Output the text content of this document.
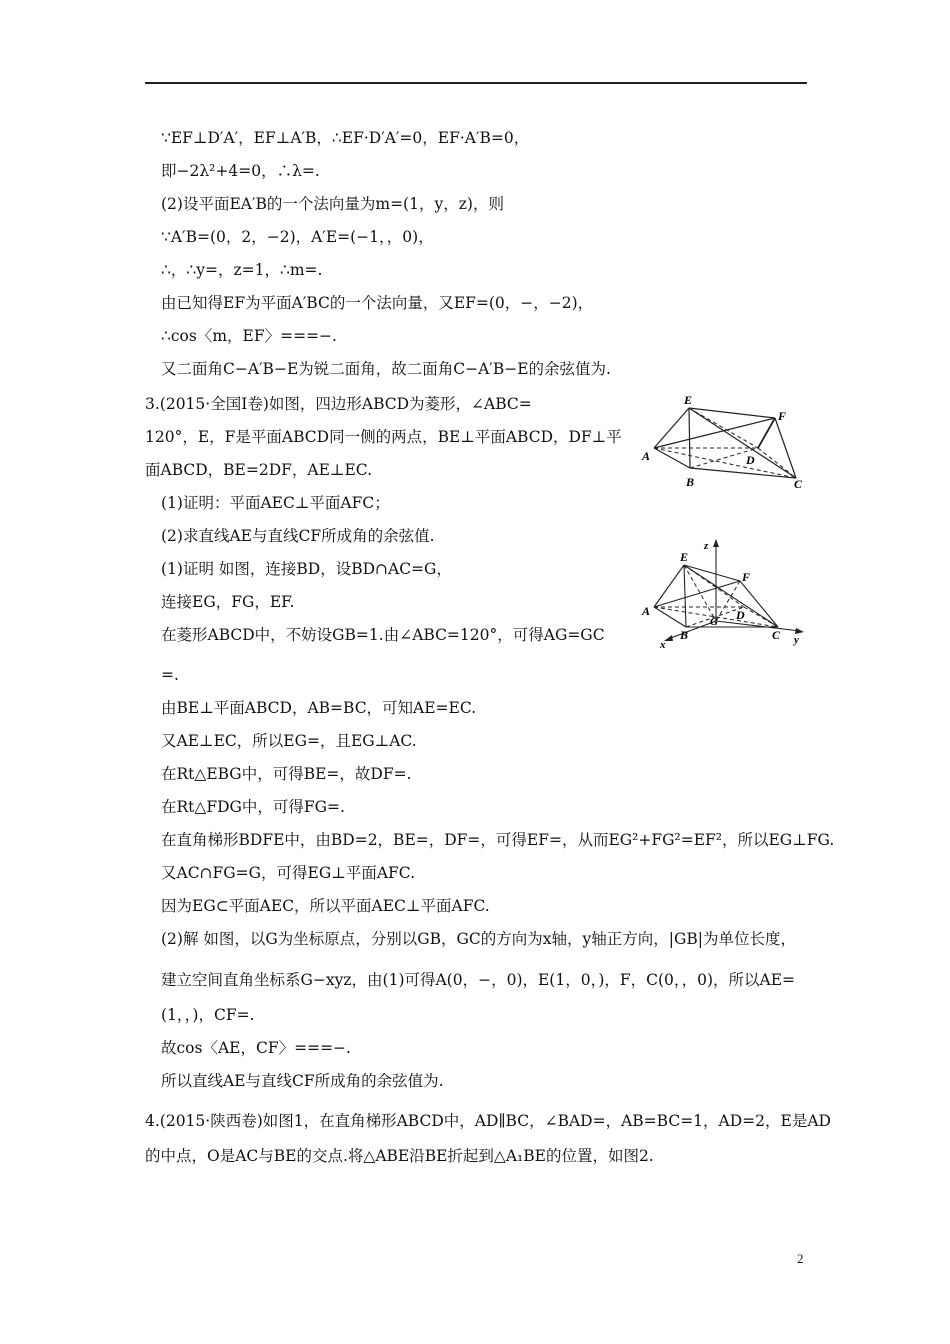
∵EF⊥D′A′，EF⊥A′B，∴EF·D′A′=0，EF·A′B=0，
即−2λ²+4=0，∴λ=.
(2)设平面EA′B的一个法向量为m=(1，y，z)，则
∵A′B=(0，2，−2)，A′E=(−1，，0)，
∴，∴y=，z=1，∴m=.
由已知得EF为平面A′BC的一个法向量，又EF=(0，−，−2)，
∴cos〈m，EF〉===−.
又二面角C−A′B−E为锐二面角，故二面角C−A′B−E的余弦值为.
3.(2015·全国Ⅰ卷)如图，四边形ABCD为菱形，∠ABC=
120°，E，F是平面ABCD同一侧的两点，BE⊥平面ABCD，DF⊥平
面ABCD，BE=2DF，AE⊥EC.
(1)证明：平面AEC⊥平面AFC；
(2)求直线AE与直线CF所成角的余弦值.
(1)证明 如图，连接BD，设BD∩AC=G，
连接EG，FG，EF.
在菱形ABCD中，不妨设GB=1.由∠ABC=120°，可得AG=GC
=.
由BE⊥平面ABCD，AB=BC，可知AE=EC.
又AE⊥EC，所以EG=，且EG⊥AC.
在Rt△EBG中，可得BE=，故DF=.
在Rt△FDG中，可得FG=.
在直角梯形BDFE中，由BD=2，BE=，DF=，可得EF=，从而EG²+FG²=EF²，所以EG⊥FG.
又AC∩FG=G，可得EG⊥平面AFC.
因为EG⊂平面AEC，所以平面AEC⊥平面AFC.
(2)解 如图，以G为坐标原点，分别以GB，GC的方向为x轴，y轴正方向，|GB|为单位长度，
建立空间直角坐标系G−xyz，由(1)可得A(0，−，0)，E(1，0，)，F，C(0，，0)，所以AE=
(1，，)，CF=.
故cos〈AE，CF〉===−.
所以直线AE与直线CF所成角的余弦值为.
4.(2015·陕西卷)如图1，在直角梯形ABCD中，AD∥BC，∠BAD=，AB=BC=1，AD=2，E是AD
的中点，O是AC与BE的交点.将△ABE沿BE折起到△A₁BE的位置，如图2.
E
F
A	D
B	C
z
E
F
A
G D
B	C
x	y
2
